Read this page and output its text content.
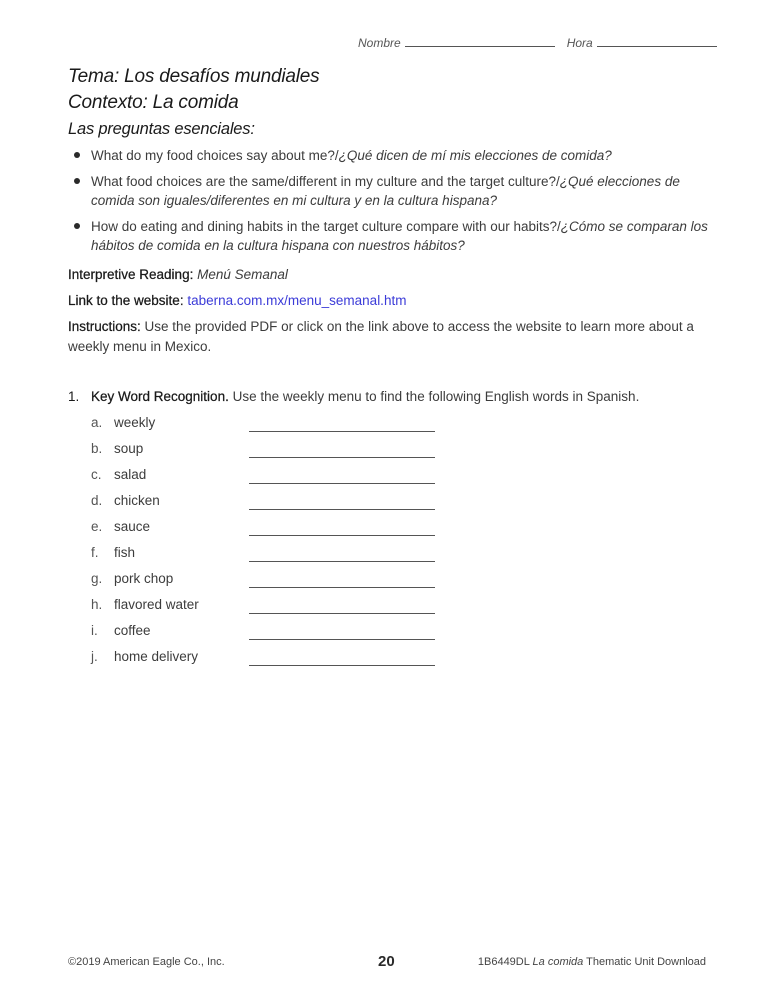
Nombre	Hora
Tema: Los desafíos mundiales
Contexto: La comida
Las preguntas esenciales:
What do my food choices say about me?/¿Qué dicen de mí mis elecciones de comida?
What food choices are the same/different in my culture and the target culture?/¿Qué elecciones de comida son iguales/diferentes en mi cultura y en la cultura hispana?
How do eating and dining habits in the target culture compare with our habits?/¿Cómo se comparan los hábitos de comida en la cultura hispana con nuestros hábitos?
Interpretive Reading: Menú Semanal
Link to the website: taberna.com.mx/menu_semanal.htm
Instructions: Use the provided PDF or click on the link above to access the website to learn more about a weekly menu in Mexico.
1. Key Word Recognition. Use the weekly menu to find the following English words in Spanish.
a. weekly
b. soup
c. salad
d. chicken
e. sauce
f.	fish
g. pork chop
h. flavored water
i.	coffee
j.	home delivery
©2019 American Eagle Co., Inc.	20	1B6449DL La comida Thematic Unit Download
